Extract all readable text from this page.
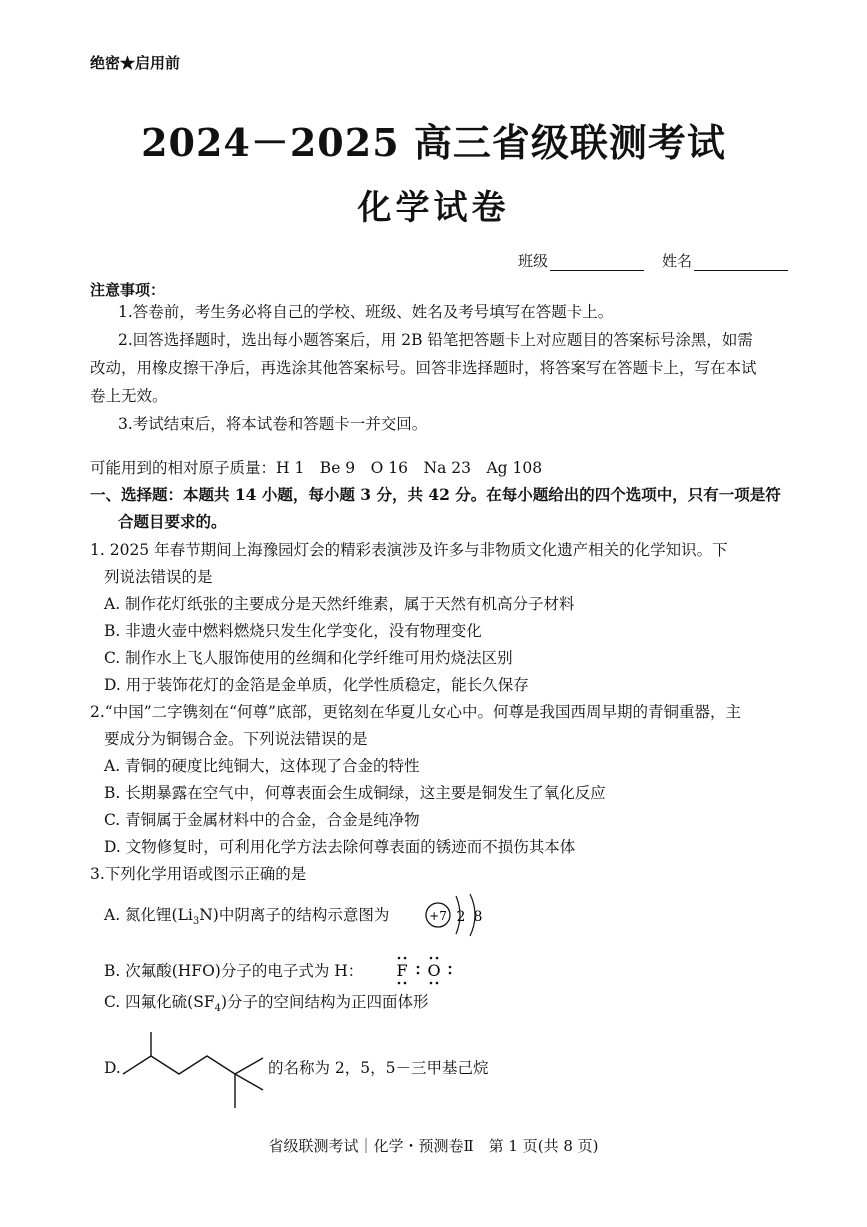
绝密★启用前
2024－2025 高三省级联测考试
化学试卷
班级	姓名
注意事项：
1.答卷前，考生务必将自己的学校、班级、姓名及考号填写在答题卡上。
2.回答选择题时，选出每小题答案后，用 2B 铅笔把答题卡上对应题目的答案标号涂黑，如需
改动，用橡皮擦干净后，再选涂其他答案标号。回答非选择题时，将答案写在答题卡上，写在本试
卷上无效。
3.考试结束后，将本试卷和答题卡一并交回。
可能用到的相对原子质量：H 1　Be 9　O 16　Na 23　Ag 108
一、选择题：本题共 14 小题，每小题 3 分，共 42 分。在每小题给出的四个选项中，只有一项是符
合题目要求的。
1. 2025 年春节期间上海豫园灯会的精彩表演涉及许多与非物质文化遗产相关的化学知识。下
列说法错误的是
A. 制作花灯纸张的主要成分是天然纤维素，属于天然有机高分子材料
B. 非遗火壶中燃料燃烧只发生化学变化，没有物理变化
C. 制作水上飞人服饰使用的丝绸和化学纤维可用灼烧法区别
D. 用于装饰花灯的金箔是金单质，化学性质稳定，能长久保存
2.“中国”二字镌刻在“何尊”底部，更铭刻在华夏儿女心中。何尊是我国西周早期的青铜重器，主
要成分为铜锡合金。下列说法错误的是
A. 青铜的硬度比纯铜大，这体现了合金的特性
B. 长期暴露在空气中，何尊表面会生成铜绿，这主要是铜发生了氧化反应
C. 青铜属于金属材料中的合金，合金是纯净物
D. 文物修复时，可利用化学方法去除何尊表面的锈迹而不损伤其本体
3.下列化学用语或图示正确的是
A. 氮化锂$(Li_3N)$中阴离子的结构示意图为	+7 2 8
B. 次氟酸(HFO)分子的电子式为 H： F O
C. 四氟化硫$(SF_4)$分子的空间结构为正四面体形
D.	的名称为 2，5，5－三甲基己烷
省级联测考试｜化学・预测卷Ⅱ　第 1 页(共 8 页)
